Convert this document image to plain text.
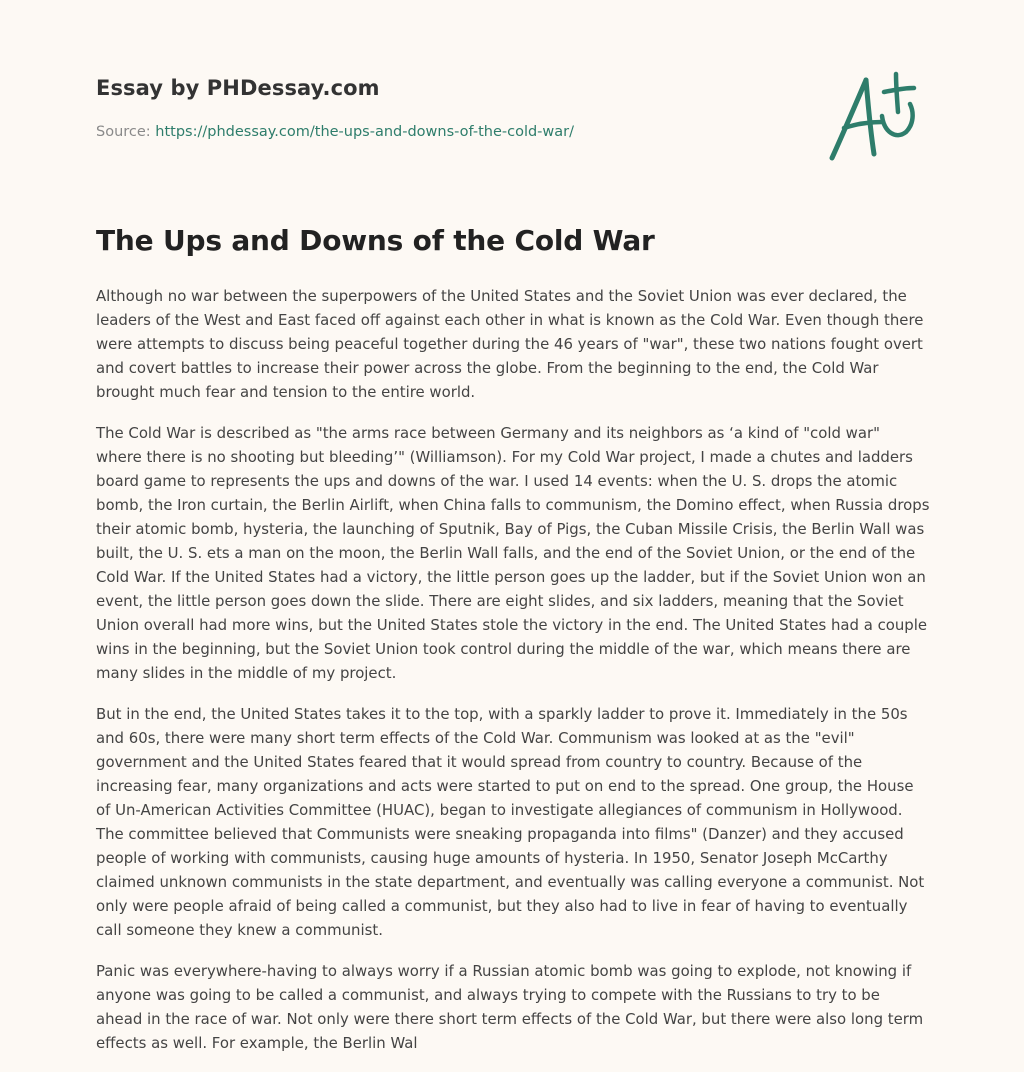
Essay by PHDessay.com
Source: https://phdessay.com/the-ups-and-downs-of-the-cold-war/
The Ups and Downs of the Cold War

Although no war between the superpowers of the United States and the Soviet Union was ever declared, the leaders of the West and East faced off against each other in what is known as the Cold War. Even though there were attempts to discuss being peaceful together during the 46 years of "war", these two nations fought overt and covert battles to increase their power across the globe. From the beginning to the end, the Cold War brought much fear and tension to the entire world.

The Cold War is described as "the arms race between Germany and its neighbors as ‘a kind of "cold war" where there is no shooting but bleeding’" (Williamson). For my Cold War project, I made a chutes and ladders board game to represents the ups and downs of the war. I used 14 events: when the U. S. drops the atomic bomb, the Iron curtain, the Berlin Airlift, when China falls to communism, the Domino effect, when Russia drops their atomic bomb, hysteria, the launching of Sputnik, Bay of Pigs, the Cuban Missile Crisis, the Berlin Wall was built, the U. S. ets a man on the moon, the Berlin Wall falls, and the end of the Soviet Union, or the end of the Cold War. If the United States had a victory, the little person goes up the ladder, but if the Soviet Union won an event, the little person goes down the slide. There are eight slides, and six ladders, meaning that the Soviet Union overall had more wins, but the United States stole the victory in the end. The United States had a couple wins in the beginning, but the Soviet Union took control during the middle of the war, which means there are many slides in the middle of my project.

But in the end, the United States takes it to the top, with a sparkly ladder to prove it. Immediately in the 50s and 60s, there were many short term effects of the Cold War. Communism was looked at as the "evil" government and the United States feared that it would spread from country to country. Because of the increasing fear, many organizations and acts were started to put on end to the spread. One group, the House of Un-American Activities Committee (HUAC), began to investigate allegiances of communism in Hollywood. The committee believed that Communists were sneaking propaganda into films" (Danzer) and they accused people of working with communists, causing huge amounts of hysteria. In 1950, Senator Joseph McCarthy claimed unknown communists in the state department, and eventually was calling everyone a communist. Not only were people afraid of being called a communist, but they also had to live in fear of having to eventually call someone they knew a communist.

Panic was everywhere-having to always worry if a Russian atomic bomb was going to explode, not knowing if anyone was going to be called a communist, and always trying to compete with the Russians to try to be ahead in the race of war. Not only were there short term effects of the Cold War, but there were also long term effects as well. For example, the Berlin Wal
